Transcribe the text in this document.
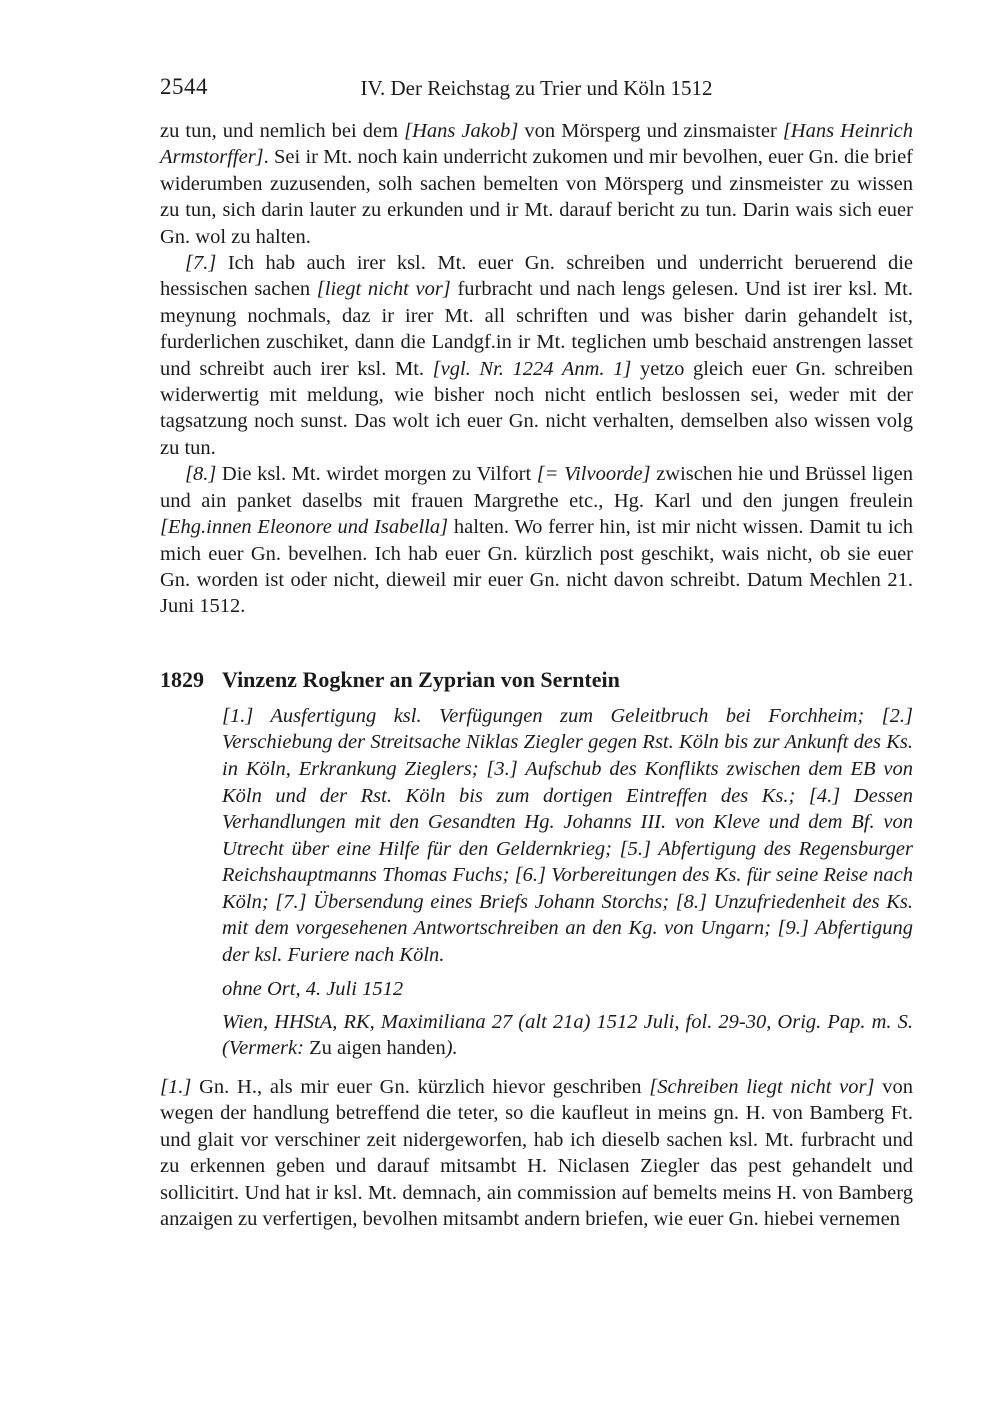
2544	IV. Der Reichstag zu Trier und Köln 1512

zu tun, und nemlich bei dem [Hans Jakob] von Mörsperg und zinsmaister [Hans Heinrich Armstorffer]. Sei ir Mt. noch kain underricht zukomen und mir bevolhen, euer Gn. die brief widerumben zuzusenden, solh sachen bemelten von Mörsperg und zinsmeister zu wissen zu tun, sich darin lauter zu erkunden und ir Mt. darauf bericht zu tun. Darin wais sich euer Gn. wol zu halten.

[7.] Ich hab auch irer ksl. Mt. euer Gn. schreiben und underricht beruerend die hessischen sachen [liegt nicht vor] furbracht und nach lengs gelesen. Und ist irer ksl. Mt. meynung nochmals, daz ir irer Mt. all schriften und was bisher darin gehandelt ist, furderlichen zuschiket, dann die Landgf.in ir Mt. teglichen umb beschaid anstrengen lasset und schreibt auch irer ksl. Mt. [vgl. Nr. 1224 Anm. 1] yetzo gleich euer Gn. schreiben widerwertig mit meldung, wie bisher noch nicht entlich beslossen sei, weder mit der tagsatzung noch sunst. Das wolt ich euer Gn. nicht verhalten, demselben also wissen volg zu tun.

[8.] Die ksl. Mt. wirdet morgen zu Vilfort [= Vilvoorde] zwischen hie und Brüssel ligen und ain panket daselbs mit frauen Margrethe etc., Hg. Karl und den jungen freulein [Ehg.innen Eleonore und Isabella] halten. Wo ferrer hin, ist mir nicht wissen. Damit tu ich mich euer Gn. bevelhen. Ich hab euer Gn. kürzlich post geschikt, wais nicht, ob sie euer Gn. worden ist oder nicht, dieweil mir euer Gn. nicht davon schreibt. Datum Mechlen 21. Juni 1512.

1829 Vinzenz Rogkner an Zyprian von Serntein

[1.] Ausfertigung ksl. Verfügungen zum Geleitbruch bei Forchheim; [2.] Verschiebung der Streitsache Niklas Ziegler gegen Rst. Köln bis zur Ankunft des Ks. in Köln, Erkrankung Zieglers; [3.] Aufschub des Konflikts zwischen dem EB von Köln und der Rst. Köln bis zum dortigen Eintreffen des Ks.; [4.] Dessen Verhandlungen mit den Gesandten Hg. Johanns III. von Kleve und dem Bf. von Utrecht über eine Hilfe für den Geldernkrieg; [5.] Abfertigung des Regensburger Reichshauptmanns Thomas Fuchs; [6.] Vorbereitungen des Ks. für seine Reise nach Köln; [7.] Übersendung eines Briefs Johann Storchs; [8.] Unzufriedenheit des Ks. mit dem vorgesehenen Antwortschreiben an den Kg. von Ungarn; [9.] Abfertigung der ksl. Furiere nach Köln.

ohne Ort, 4. Juli 1512

Wien, HHStA, RK, Maximiliana 27 (alt 21a) 1512 Juli, fol. 29-30, Orig. Pap. m. S. (Vermerk: Zu aigen handen).

[1.] Gn. H., als mir euer Gn. kürzlich hievor geschriben [Schreiben liegt nicht vor] von wegen der handlung betreffend die teter, so die kaufleut in meins gn. H. von Bamberg Ft. und glait vor verschiner zeit nidergeworfen, hab ich dieselb sachen ksl. Mt. furbracht und zu erkennen geben und darauf mitsambt H. Niclasen Ziegler das pest gehandelt und sollicitirt. Und hat ir ksl. Mt. demnach, ain commission auf bemelts meins H. von Bamberg anzaigen zu verfertigen, bevolhen mitsambt andern briefen, wie euer Gn. hiebei vernemen
